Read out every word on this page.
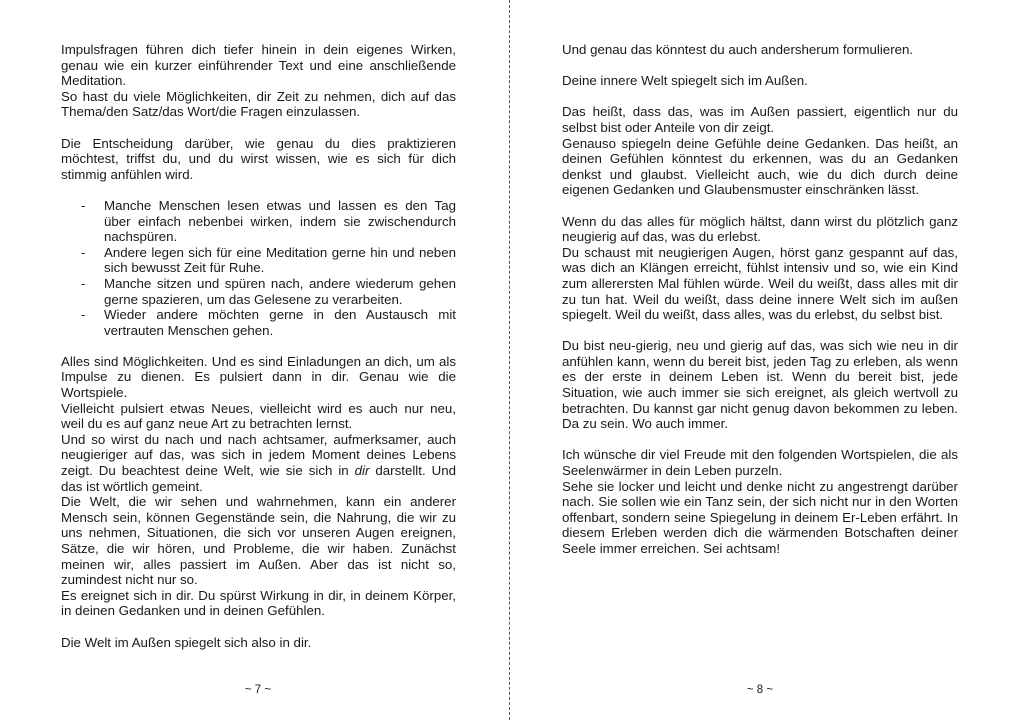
Impulsfragen führen dich tiefer hinein in dein eigenes Wirken, genau wie ein kurzer einführender Text und eine anschließende Meditation.

So hast du viele Möglichkeiten, dir Zeit zu nehmen, dich auf das Thema/den Satz/das Wort/die Fragen einzulassen.

Die Entscheidung darüber, wie genau du dies praktizieren möchtest, triffst du, und du wirst wissen, wie es sich für dich stimmig anfühlen wird.

- Manche Menschen lesen etwas und lassen es den Tag über einfach nebenbei wirken, indem sie zwischendurch nachspüren.
- Andere legen sich für eine Meditation gerne hin und neben sich bewusst Zeit für Ruhe.
- Manche sitzen und spüren nach, andere wiederum gehen gerne spazieren, um das Gelesene zu verarbeiten.
- Wieder andere möchten gerne in den Austausch mit vertrauten Menschen gehen.

Alles sind Möglichkeiten. Und es sind Einladungen an dich, um als Impulse zu dienen. Es pulsiert dann in dir. Genau wie die Wortspiele.

Vielleicht pulsiert etwas Neues, vielleicht wird es auch nur neu, weil du es auf ganz neue Art zu betrachten lernst.

Und so wirst du nach und nach achtsamer, aufmerksamer, auch neugieriger auf das, was sich in jedem Moment deines Lebens zeigt. Du beachtest deine Welt, wie sie sich in dir darstellt. Und das ist wörtlich gemeint.

Die Welt, die wir sehen und wahrnehmen, kann ein anderer Mensch sein, können Gegenstände sein, die Nahrung, die wir zu uns nehmen, Situationen, die sich vor unseren Augen ereignen, Sätze, die wir hören, und Probleme, die wir haben. Zunächst meinen wir, alles passiert im Außen. Aber das ist nicht so, zumindest nicht nur so.

Es ereignet sich in dir. Du spürst Wirkung in dir, in deinem Körper, in deinen Gedanken und in deinen Gefühlen.

Die Welt im Außen spiegelt sich also in dir.

~ 7 ~

Und genau das könntest du auch andersherum formulieren.

Deine innere Welt spiegelt sich im Außen.

Das heißt, dass das, was im Außen passiert, eigentlich nur du selbst bist oder Anteile von dir zeigt.

Genauso spiegeln deine Gefühle deine Gedanken. Das heißt, an deinen Gefühlen könntest du erkennen, was du an Gedanken denkst und glaubst. Vielleicht auch, wie du dich durch deine eigenen Gedanken und Glaubensmuster einschränken lässt.

Wenn du das alles für möglich hältst, dann wirst du plötzlich ganz neugierig auf das, was du erlebst.

Du schaust mit neugierigen Augen, hörst ganz gespannt auf das, was dich an Klängen erreicht, fühlst intensiv und so, wie ein Kind zum allerersten Mal fühlen würde. Weil du weißt, dass alles mit dir zu tun hat. Weil du weißt, dass deine innere Welt sich im außen spiegelt. Weil du weißt, dass alles, was du erlebst, du selbst bist.

Du bist neu-gierig, neu und gierig auf das, was sich wie neu in dir anfühlen kann, wenn du bereit bist, jeden Tag zu erleben, als wenn es der erste in deinem Leben ist. Wenn du bereit bist, jede Situation, wie auch immer sie sich ereignet, als gleich wertvoll zu betrachten. Du kannst gar nicht genug davon bekommen zu leben. Da zu sein. Wo auch immer.

Ich wünsche dir viel Freude mit den folgenden Wortspielen, die als Seelenwärmer in dein Leben purzeln.

Sehe sie locker und leicht und denke nicht zu angestrengt darüber nach. Sie sollen wie ein Tanz sein, der sich nicht nur in den Worten offenbart, sondern seine Spiegelung in deinem Er-Leben erfährt. In diesem Erleben werden dich die wärmenden Botschaften deiner Seele immer erreichen. Sei achtsam!

~ 8 ~
